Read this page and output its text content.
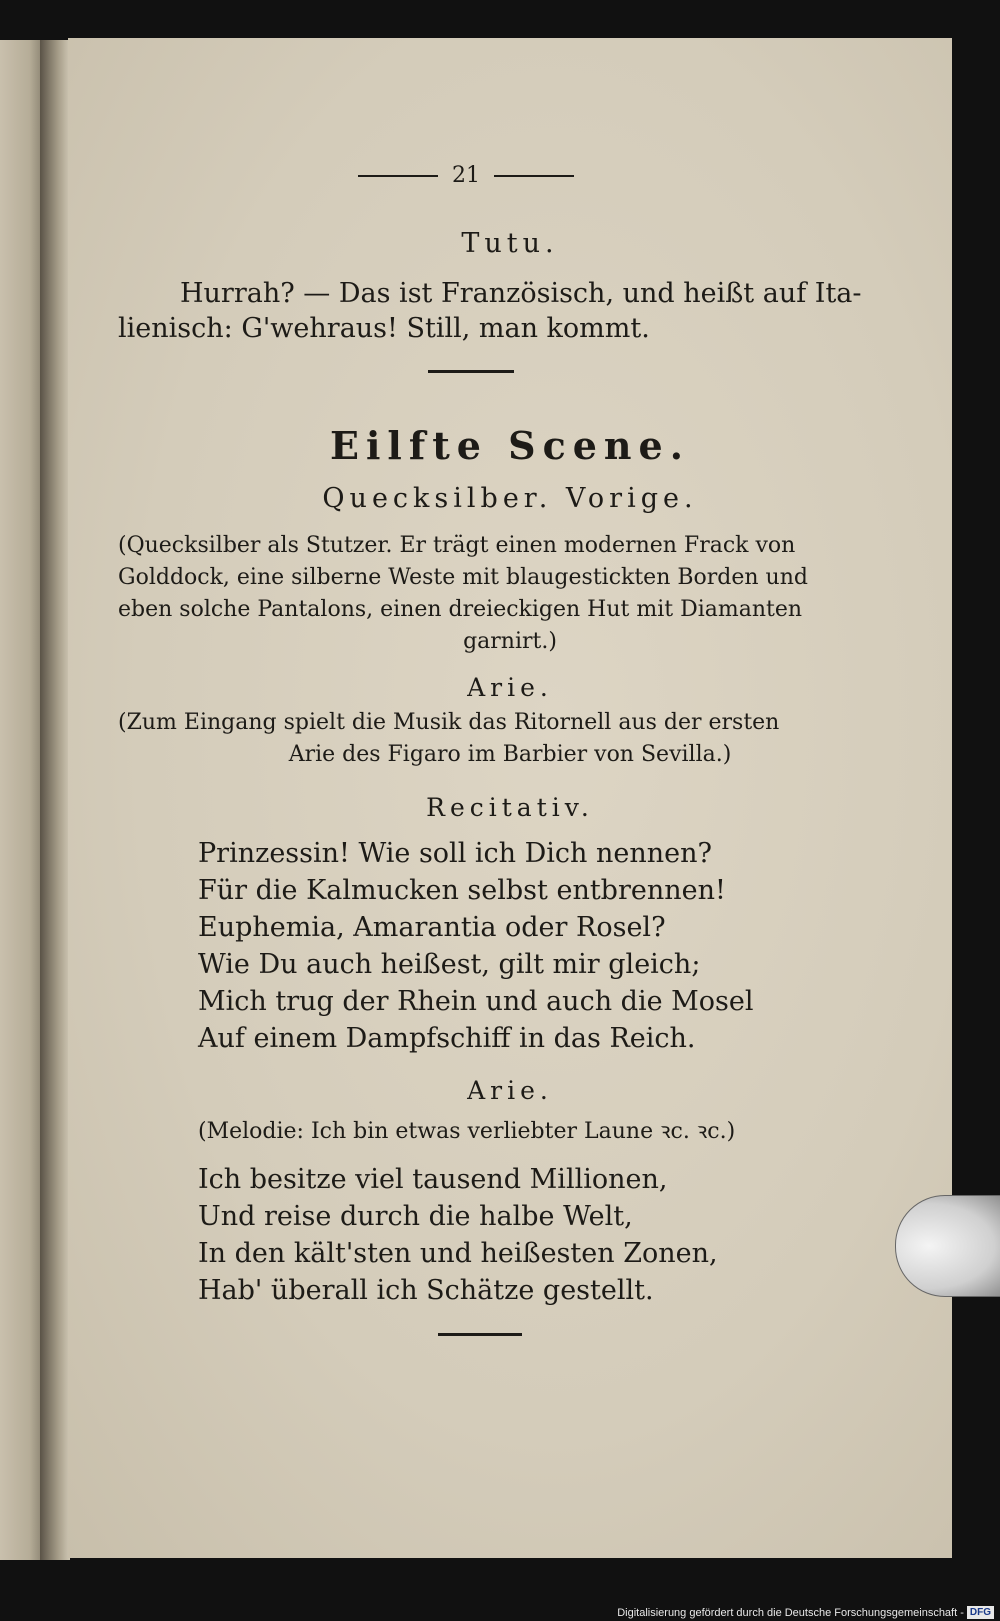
21
Tutu.
Hurrah? — Das ist Französisch, und heißt auf Ita-
lienisch: G'wehraus! Still, man kommt.
Eilfte Scene.
Quecksilber. Vorige.
(Quecksilber als Stutzer. Er trägt einen modernen Frack von
Golddock, eine silberne Weste mit blaugestickten Borden und
eben solche Pantalons, einen dreieckigen Hut mit Diamanten
garnirt.)
Arie.
(Zum Eingang spielt die Musik das Ritornell aus der ersten
Arie des Figaro im Barbier von Sevilla.)
Recitativ.
Prinzessin! Wie soll ich Dich nennen?
Für die Kalmucken selbst entbrennen!
Euphemia, Amarantia oder Rosel?
Wie Du auch heißest, gilt mir gleich;
Mich trug der Rhein und auch die Mosel
Auf einem Dampfschiff in das Reich.
Arie.
(Melodie: Ich bin etwas verliebter Laune ꝛc. ꝛc.)
Ich besitze viel tausend Millionen,
Und reise durch die halbe Welt,
In den kält'sten und heißesten Zonen,
Hab' überall ich Schätze gestellt.
Digitalisierung gefördert durch die Deutsche Forschungsgemeinschaft - DFG
